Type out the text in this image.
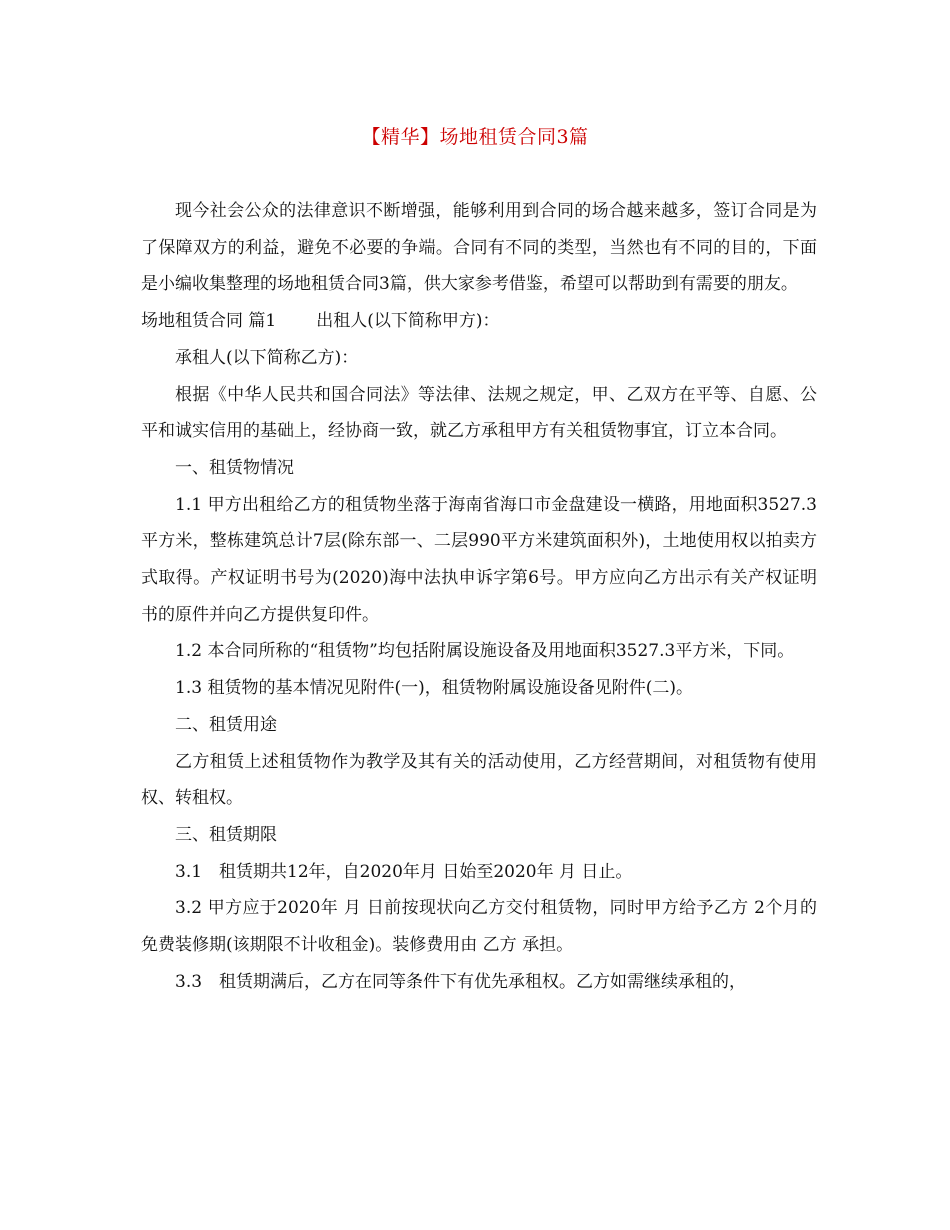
【精华】场地租赁合同3篇

现今社会公众的法律意识不断增强，能够利用到合同的场合越来越多，签订合同是为了保障双方的利益，避免不必要的争端。合同有不同的类型，当然也有不同的目的，下面是小编收集整理的场地租赁合同3篇，供大家参考借鉴，希望可以帮助到有需要的朋友。

场地租赁合同 篇1 出租人(以下简称甲方)：

承租人(以下简称乙方)：

根据《中华人民共和国合同法》等法律、法规之规定，甲、乙双方在平等、自愿、公平和诚实信用的基础上，经协商一致，就乙方承租甲方有关租赁物事宜，订立本合同。

一、租赁物情况

1.1 甲方出租给乙方的租赁物坐落于海南省海口市金盘建设一横路，用地面积3527.3平方米，整栋建筑总计7层(除东部一、二层990平方米建筑面积外)，土地使用权以拍卖方式取得。产权证明书号为(2020)海中法执申诉字第6号。甲方应向乙方出示有关产权证明书的原件并向乙方提供复印件。

1.2 本合同所称的“租赁物”均包括附属设施设备及用地面积3527.3平方米，下同。

1.3 租赁物的基本情况见附件(一)，租赁物附属设施设备见附件(二)。

二、租赁用途

乙方租赁上述租赁物作为教学及其有关的活动使用，乙方经营期间，对租赁物有使用权、转租权。

三、租赁期限

3.1　租赁期共12年，自2020年月 日始至2020年 月 日止。

3.2 甲方应于2020年 月 日前按现状向乙方交付租赁物，同时甲方给予乙方 2个月的免费装修期(该期限不计收租金)。装修费用由 乙方 承担。

3.3　租赁期满后，乙方在同等条件下有优先承租权。乙方如需继续承租的，
